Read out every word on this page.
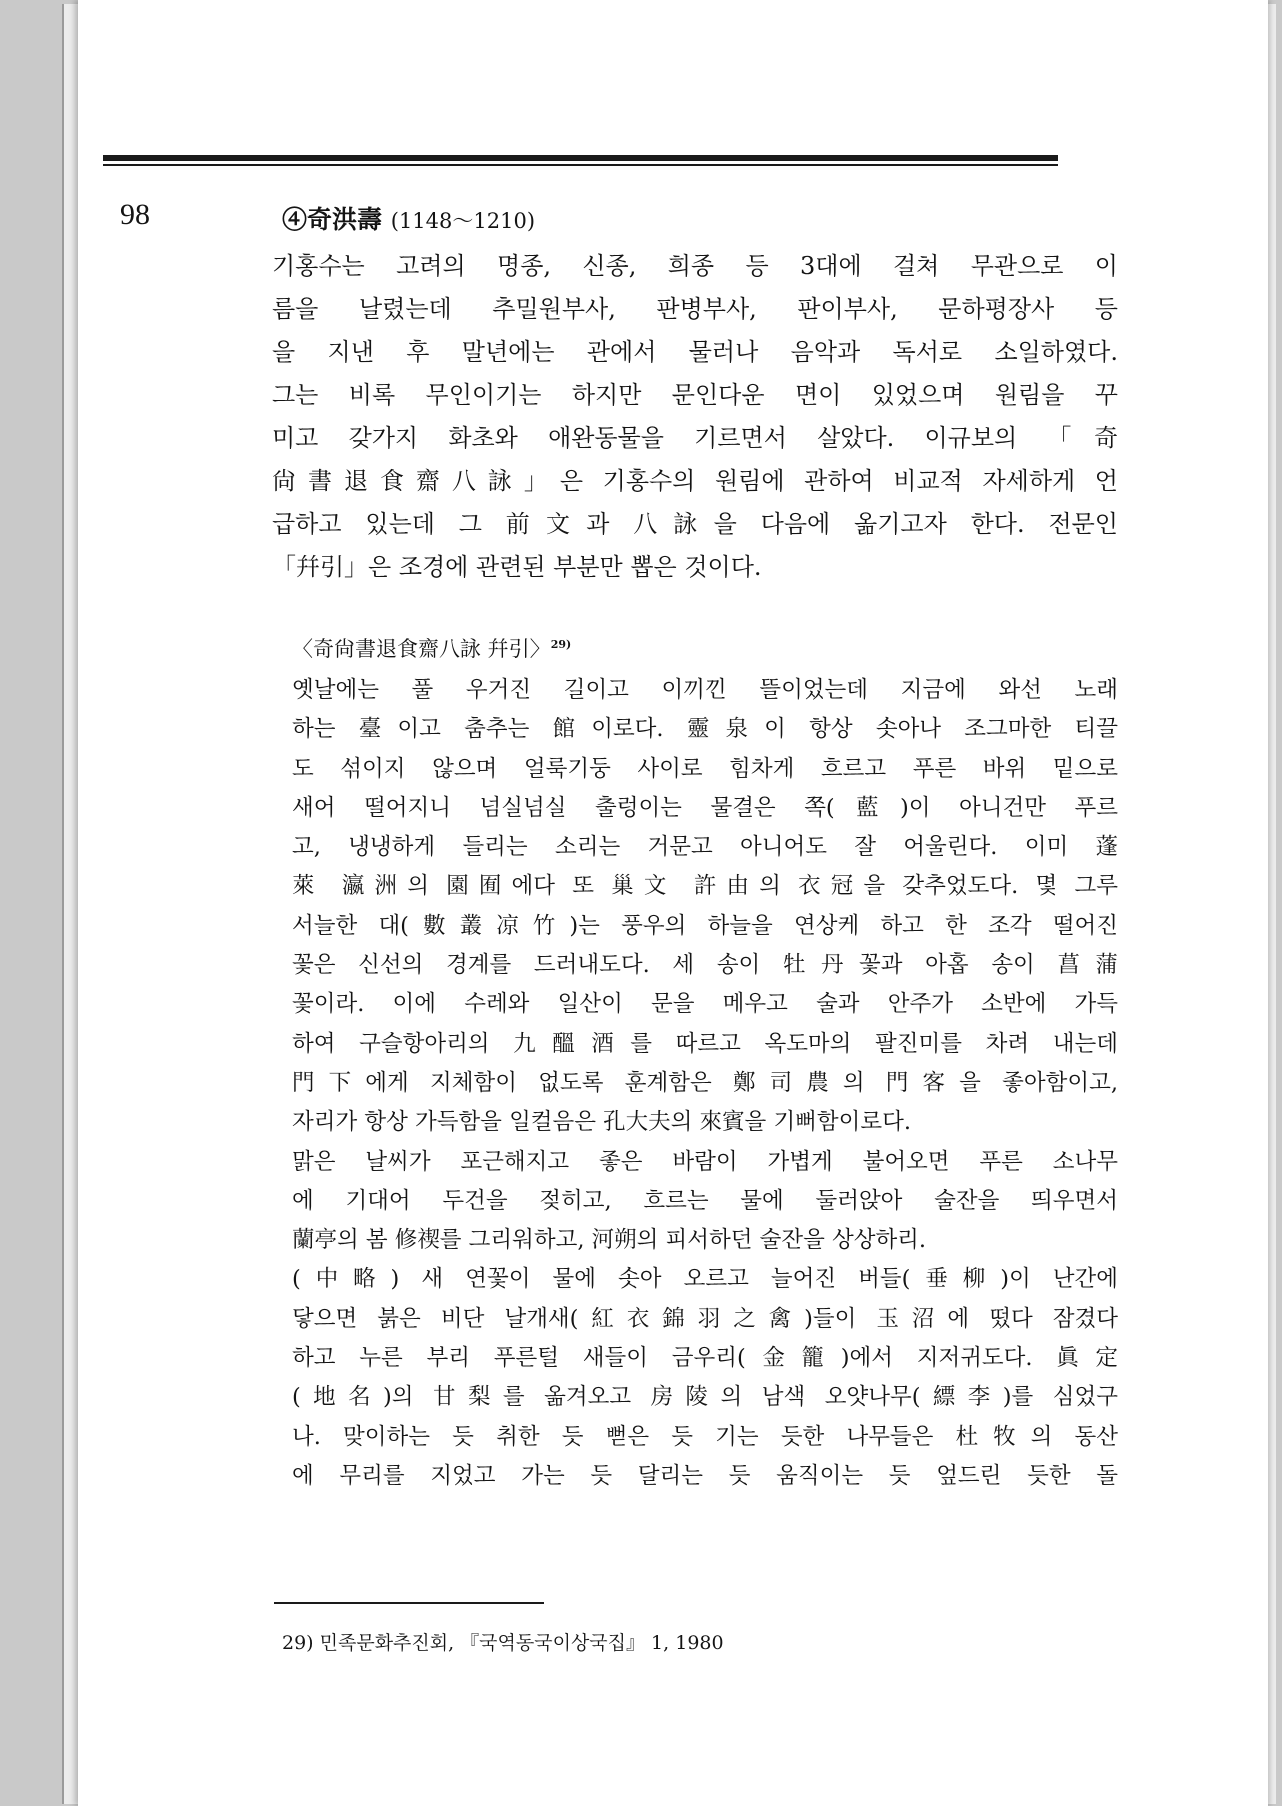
98	④奇洪壽 (1148～1210)
기홍수는 고려의 명종, 신종, 희종 등 3대에 걸쳐 무관으로 이
름을 날렸는데 추밀원부사, 판병부사, 판이부사, 문하평장사 등
을 지낸 후 말년에는 관에서 물러나 음악과 독서로 소일하였다.
그는 비록 무인이기는 하지만 문인다운 면이 있었으며 원림을 꾸
미고 갖가지 화초와 애완동물을 기르면서 살았다. 이규보의 「奇
尙書退食齋八詠」은 기홍수의 원림에 관하여 비교적 자세하게 언
급하고 있는데 그 前文과 八詠을 다음에 옮기고자 한다. 전문인
「幷引」은 조경에 관련된 부분만 뽑은 것이다.
〈奇尙書退食齋八詠 幷引〉$^{29)}$
옛날에는 풀 우거진 길이고 이끼낀 뜰이었는데 지금에 와선 노래
하는 臺이고 춤추는 館이로다. 靈泉이 항상 솟아나 조그마한 티끌
도 섞이지 않으며 얼룩기둥 사이로 힘차게 흐르고 푸른 바위 밑으로
새어 떨어지니 넘실넘실 출렁이는 물결은 쪽(藍)이 아니건만 푸르
고, 냉냉하게 들리는 소리는 거문고 아니어도 잘 어울린다. 이미 蓬
萊 瀛洲의 園囿에다 또 巢文 許由의 衣冠을 갖추었도다. 몇 그루
서늘한 대(數叢凉竹)는 풍우의 하늘을 연상케 하고 한 조각 떨어진
꽃은 신선의 경계를 드러내도다. 세 송이 牡丹꽃과 아홉 송이 菖蒲
꽃이라. 이에 수레와 일산이 문을 메우고 술과 안주가 소반에 가득
하여 구슬항아리의 九醞酒를 따르고 옥도마의 팔진미를 차려 내는데
門下에게 지체함이 없도록 훈계함은 鄭司農의 門客을 좋아함이고,
자리가 항상 가득함을 일컬음은 孔大夫의 來賓을 기뻐함이로다.
맑은 날씨가 포근해지고 좋은 바람이 가볍게 불어오면 푸른 소나무
에 기대어 두건을 젖히고, 흐르는 물에 둘러앉아 술잔을 띄우면서
蘭亭의 봄 修禊를 그리워하고, 河朔의 피서하던 술잔을 상상하리.
(中略) 새 연꽃이 물에 솟아 오르고 늘어진 버들(垂柳)이 난간에
닿으면 붉은 비단 날개새(紅衣錦羽之禽)들이 玉沼에 떴다 잠겼다
하고 누른 부리 푸른털 새들이 금우리(金籠)에서 지저귀도다. 眞定
(地名)의 甘梨를 옮겨오고 房陵의 남색 오얏나무(縹李)를 심었구
나. 맞이하는 듯 취한 듯 뻗은 듯 기는 듯한 나무들은 杜牧의 동산
에 무리를 지었고 가는 듯 달리는 듯 움직이는 듯 엎드린 듯한 돌
29) 민족문화추진회, 『국역동국이상국집』 1, 1980
